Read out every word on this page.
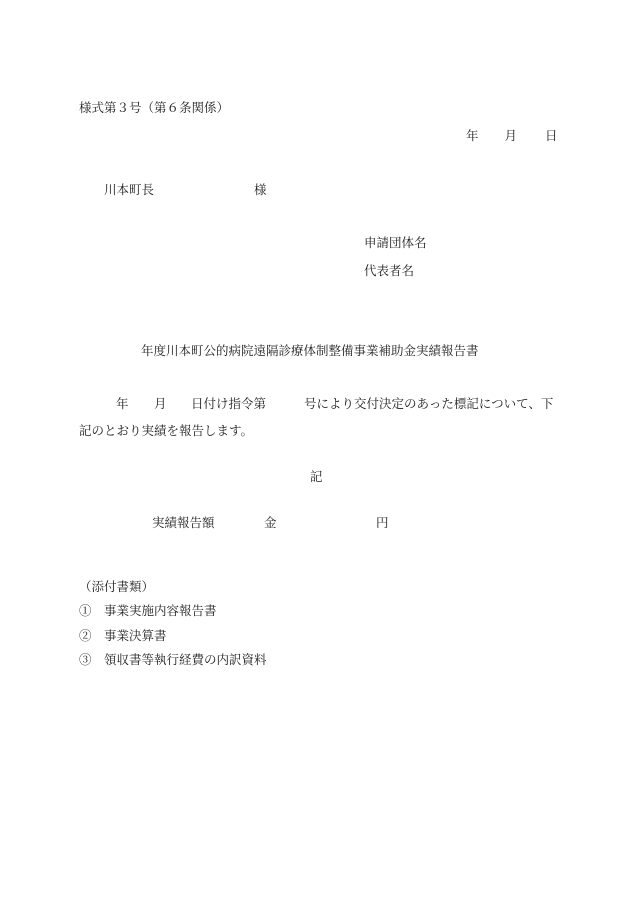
様式第３号（第６条関係）
年 月 日
川本町長	様
申請団体名
代表者名
年度川本町公的病院遠隔診療体制整備事業補助金実績報告書
年 月 日付け指令第	号により交付決定のあった標記について、下
記のとおり実績を報告します。
記
実績報告額	金	円
（添付書類）
①　事業実施内容報告書
②　事業決算書
③　領収書等執行経費の内訳資料
